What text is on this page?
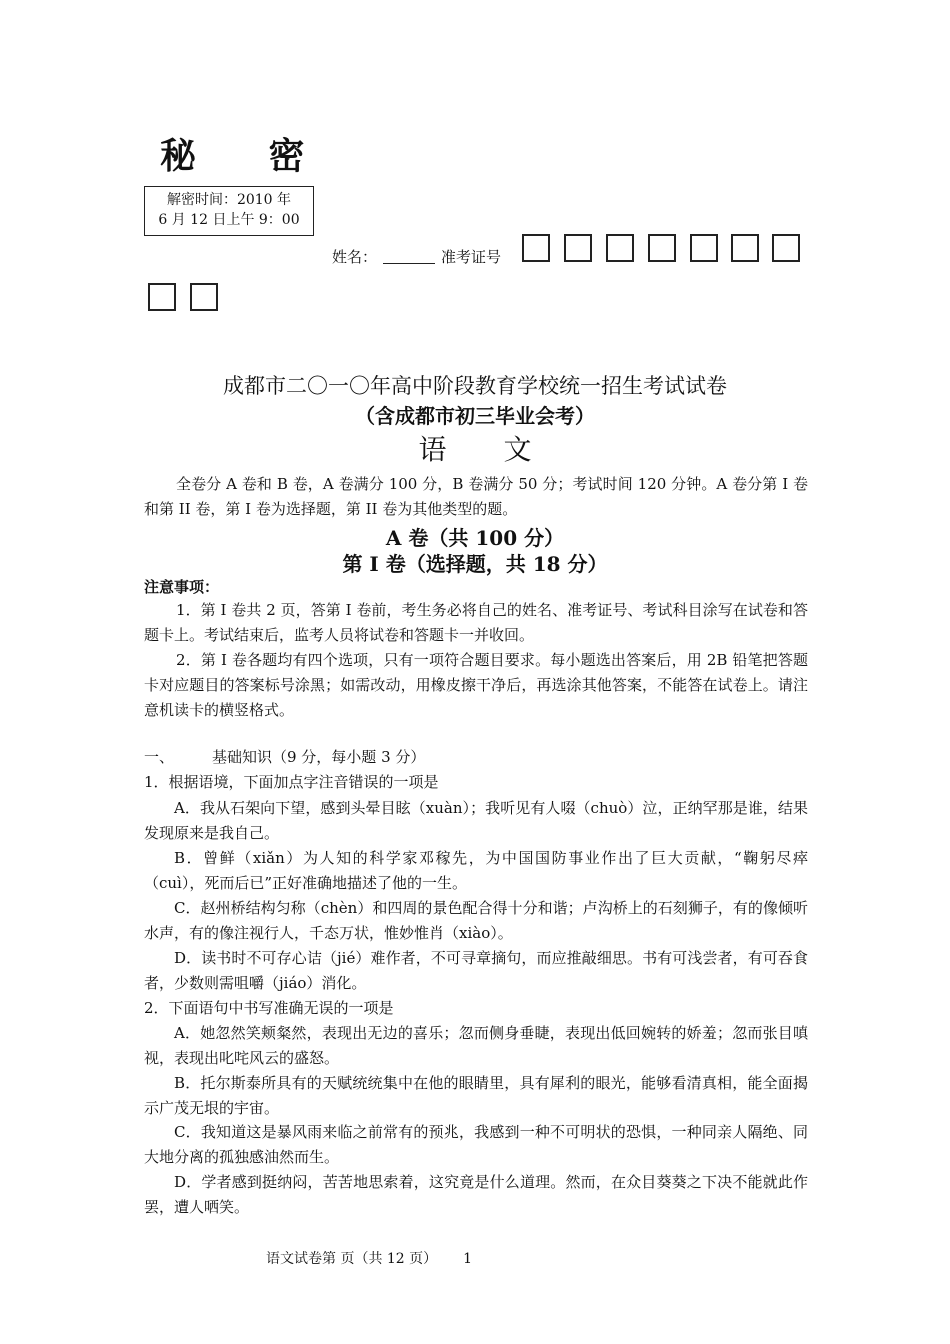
秘 密
解密时间：2010 年
6 月 12 日上午 9：00
姓名：	准考证号
成都市二〇一〇年高中阶段教育学校统一招生考试试卷
（含成都市初三毕业会考）
语 文
全卷分 A 卷和 B 卷，A 卷满分 100 分，B 卷满分 50 分；考试时间 120 分钟。A 卷分第 I 卷和第 II 卷，第 I 卷为选择题，第 II 卷为其他类型的题。
A 卷（共 100 分）
第 I 卷（选择题，共 18 分）
注意事项：
1．第 I 卷共 2 页，答第 I 卷前，考生务必将自己的姓名、准考证号、考试科目涂写在试卷和答题卡上。考试结束后，监考人员将试卷和答题卡一并收回。
2．第 I 卷各题均有四个选项，只有一项符合题目要求。每小题选出答案后，用 2B 铅笔把答题卡对应题目的答案标号涂黑；如需改动，用橡皮擦干净后，再选涂其他答案，不能答在试卷上。请注意机读卡的横竖格式。
一、	基础知识（9 分，每小题 3 分）
1．根据语境，下面加点字注音错误的一项是
A．我从石架向下望，感到头晕目眩（xuàn）；我听见有人啜（chuò）泣，正纳罕那是谁，结果发现原来是我自己。
B．曾鲜（xiǎn）为人知的科学家邓稼先，为中国国防事业作出了巨大贡献，“鞠躬尽瘁（cuì），死而后已”正好准确地描述了他的一生。
C．赵州桥结构匀称（chèn）和四周的景色配合得十分和谐；卢沟桥上的石刻狮子，有的像倾听水声，有的像注视行人，千态万状，惟妙惟肖（xiào）。
D．读书时不可存心诘（jié）难作者，不可寻章摘句，而应推敲细思。书有可浅尝者，有可吞食者，少数则需咀嚼（jiáo）消化。
2．下面语句中书写准确无误的一项是
A．她忽然笑颊粲然，表现出无边的喜乐；忽而侧身垂睫，表现出低回婉转的娇羞；忽而张目嗔视，表现出叱咤风云的盛怒。
B．托尔斯泰所具有的天赋统统集中在他的眼睛里，具有犀利的眼光，能够看清真相，能全面揭示广茂无垠的宇宙。
C．我知道这是暴风雨来临之前常有的预兆，我感到一种不可明状的恐惧，一种同亲人隔绝、同大地分离的孤独感油然而生。
D．学者感到挺纳闷，苦苦地思索着，这究竟是什么道理。然而，在众目葵葵之下决不能就此作罢，遭人哂笑。
语文试卷第 页（共 12 页） 1
